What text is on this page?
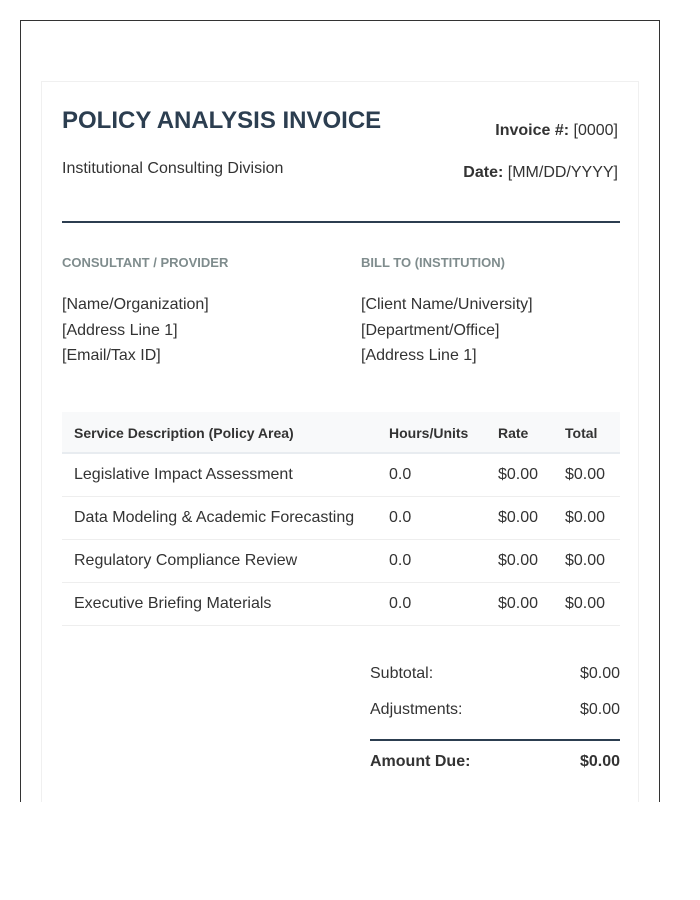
POLICY ANALYSIS INVOICE
Institutional Consulting Division
Invoice #: [0000]
Date: [MM/DD/YYYY]
CONSULTANT / PROVIDER
[Name/Organization]
[Address Line 1]
[Email/Tax ID]
BILL TO (INSTITUTION)
[Client Name/University]
[Department/Office]
[Address Line 1]
Service Description (Policy Area)	Hours/Units Rate	Total
Legislative Impact Assessment	0.0	$0.00 $0.00
Data Modeling & Academic Forecasting 0.0	$0.00 $0.00
Regulatory Compliance Review	0.0	$0.00 $0.00
Executive Briefing Materials	0.0	$0.00 $0.00
Subtotal:	$0.00
Adjustments:	$0.00
Amount Due:	$0.00
